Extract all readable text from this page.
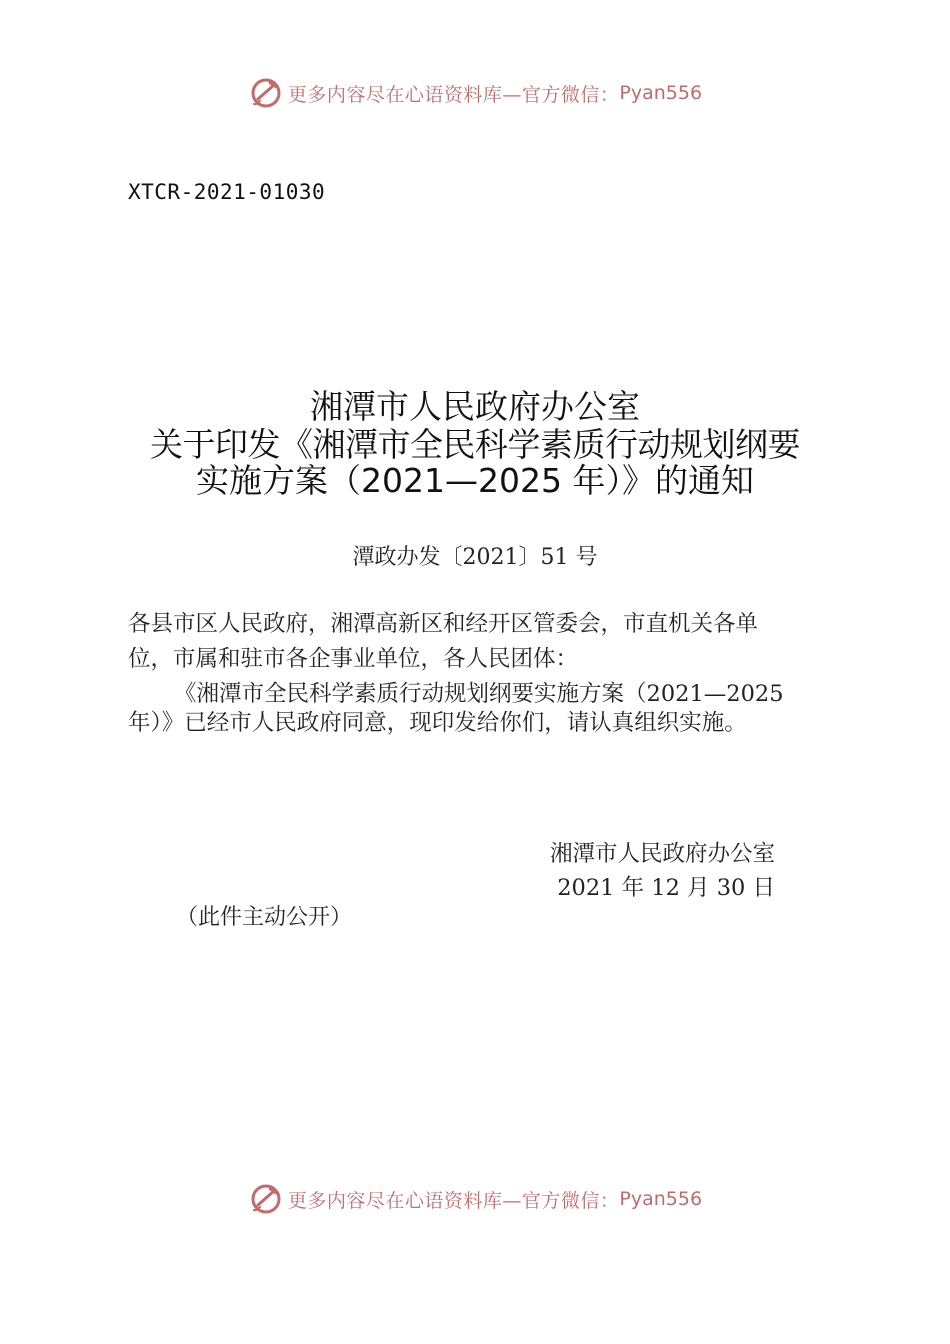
更多内容尽在心语资料库—官方微信： Pyan556
XTCR-2021-01030
湘潭市人民政府办公室
关于印发《湘潭市全民科学素质行动规划纲要
实施方案（2021—2025 年）》的通知
潭政办发〔2021〕51 号
各县市区人民政府，湘潭高新区和经开区管委会，市直机关各单
位，市属和驻市各企事业单位，各人民团体：
《湘潭市全民科学素质行动规划纲要实施方案（2021—2025
年）》已经市人民政府同意，现印发给你们，请认真组织实施。
湘潭市人民政府办公室
2021 年 12 月 30 日
（此件主动公开）
更多内容尽在心语资料库—官方微信： Pyan556
